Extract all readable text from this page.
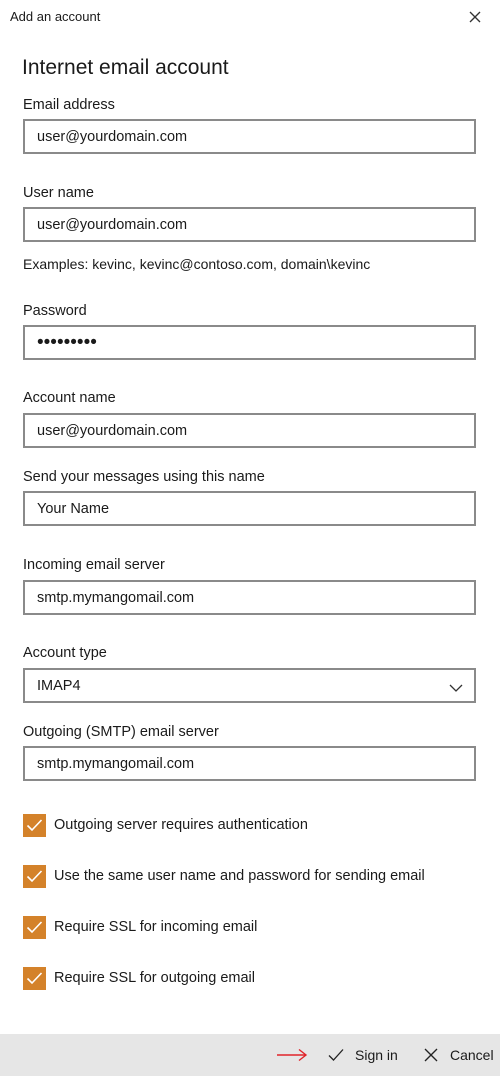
Add an account
Internet email account
Email address
user@yourdomain.com
User name
user@yourdomain.com
Examples: kevinc, kevinc@contoso.com, domain\kevinc
Password
•••••••••
Account name
user@yourdomain.com
Send your messages using this name
Your Name
Incoming email server
smtp.mymangomail.com
Account type
IMAP4
Outgoing (SMTP) email server
smtp.mymangomail.com
Outgoing server requires authentication
Use the same user name and password for sending email
Require SSL for incoming email
Require SSL for outgoing email
Sign in	Cancel
